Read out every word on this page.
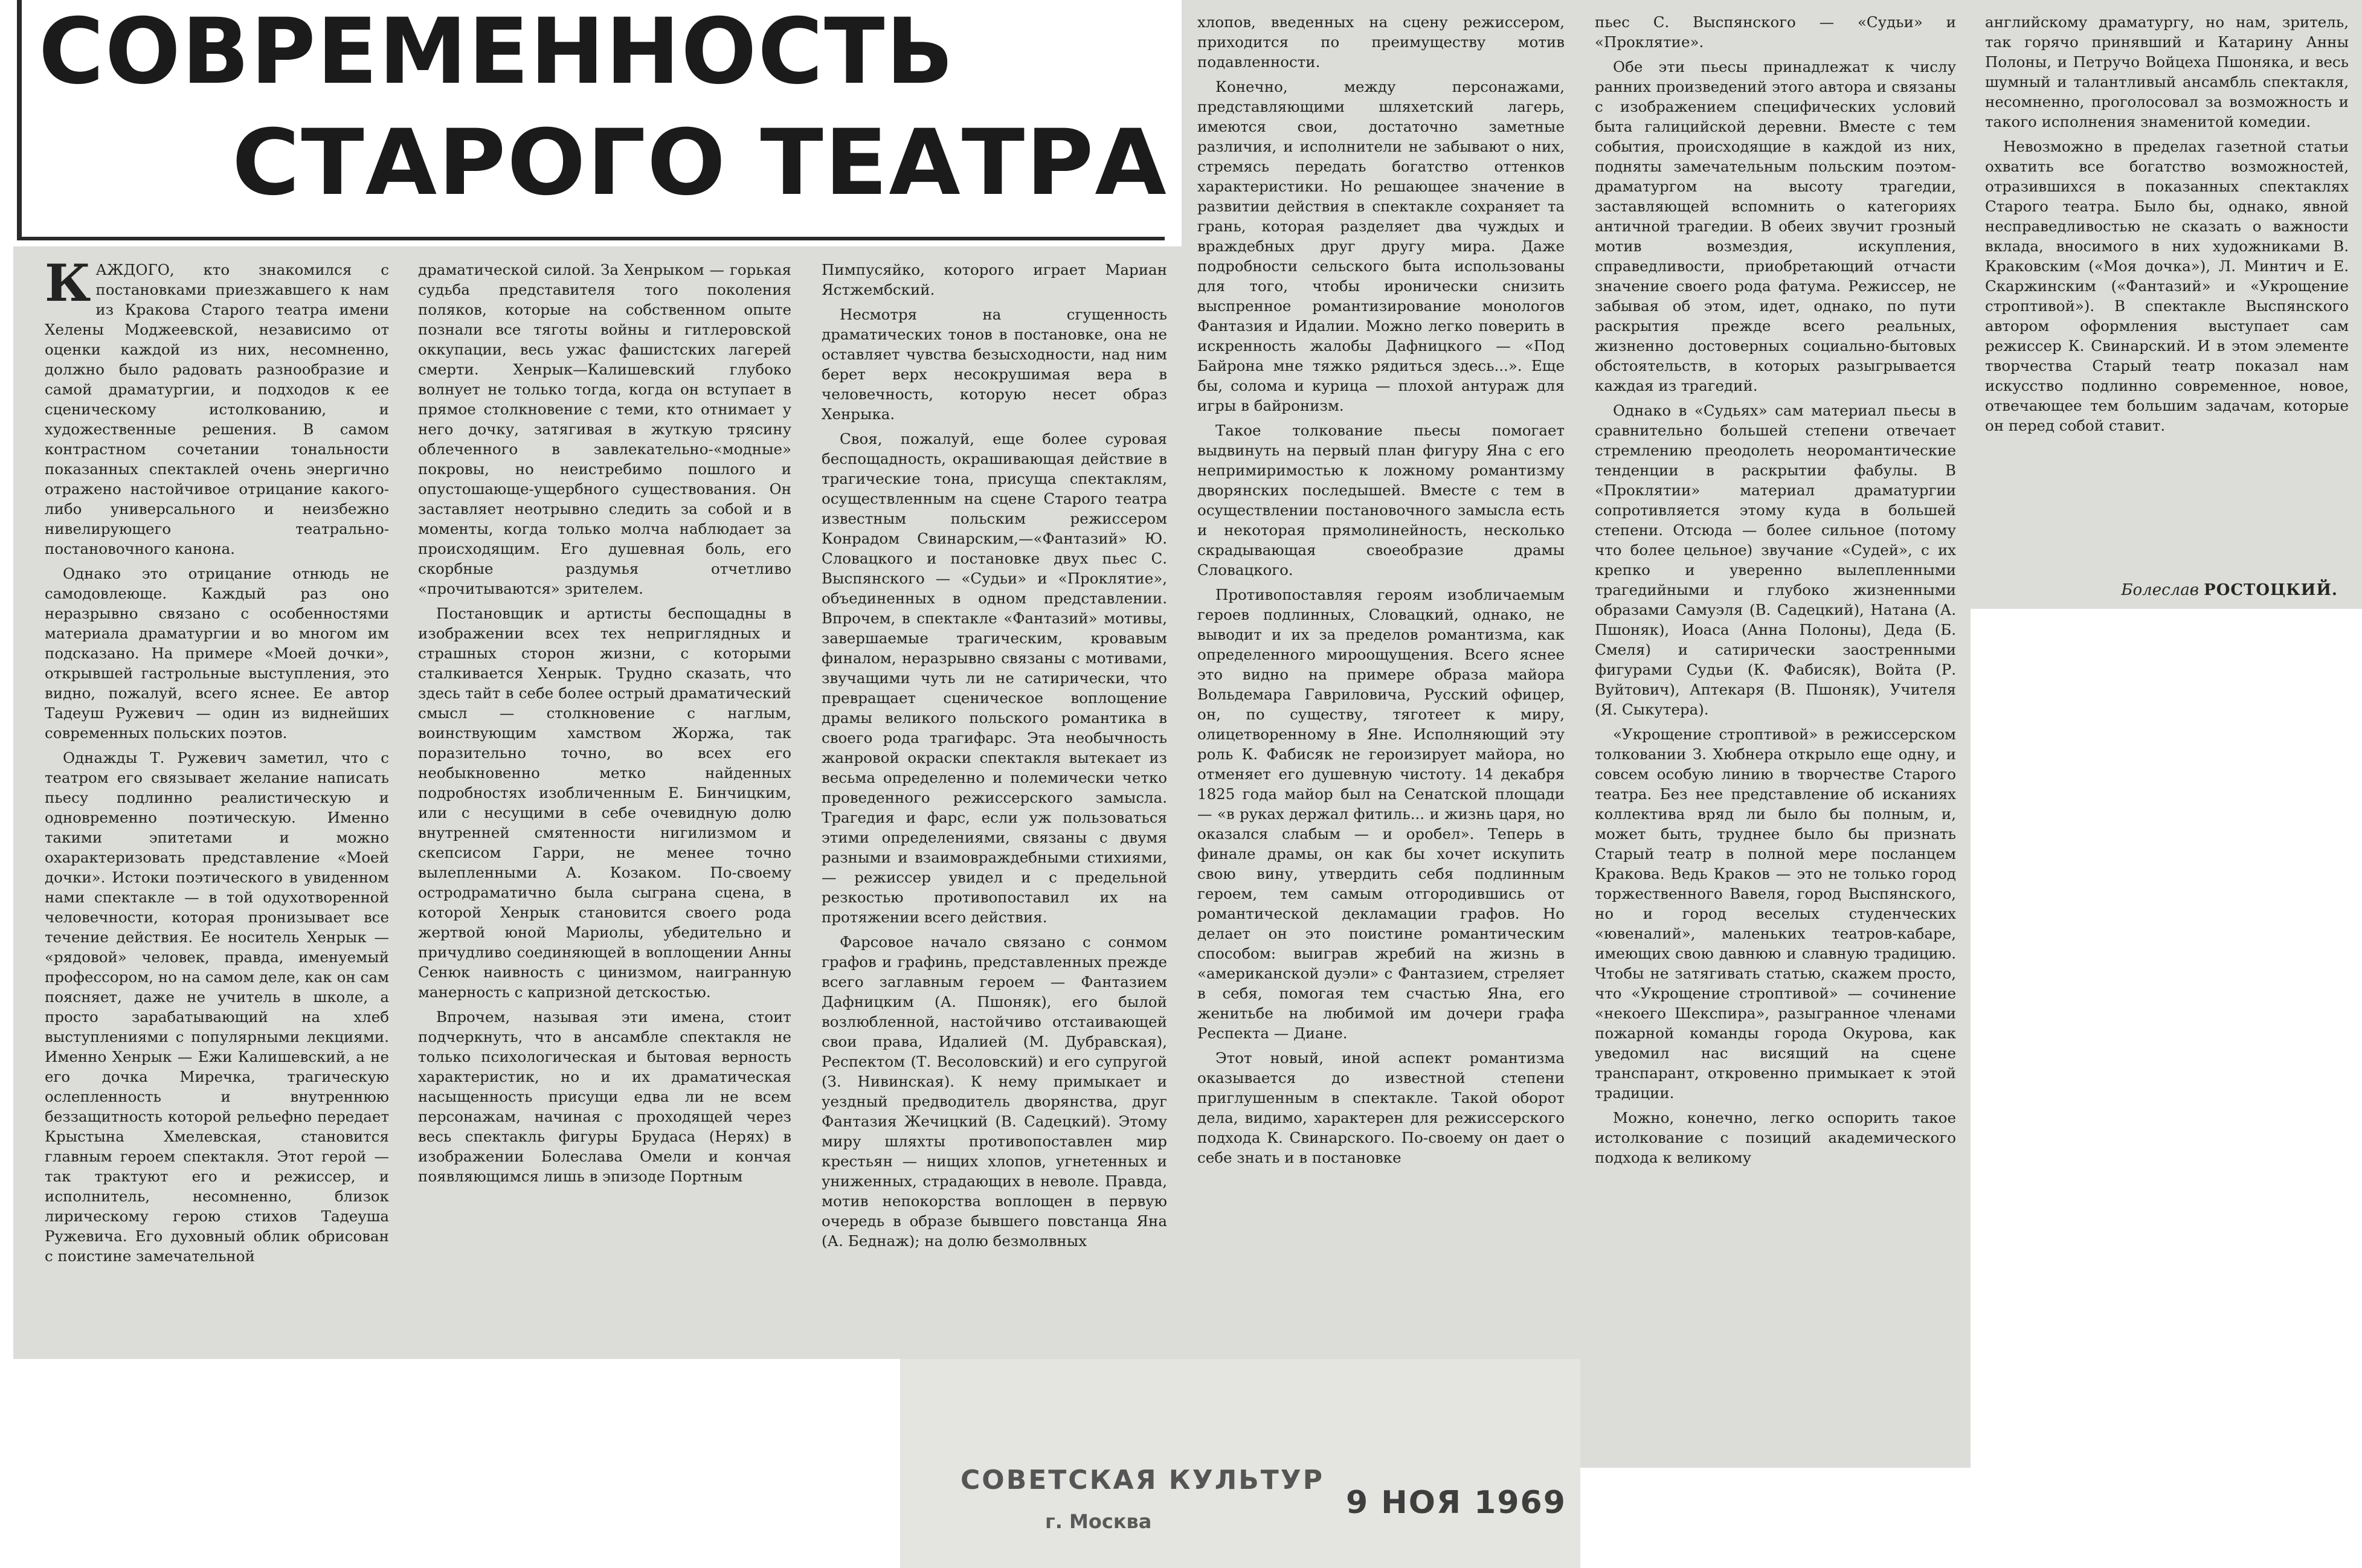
СОВРЕМЕННОСТЬ
СТАРОГО ТЕАТРА

КАЖДОГО, кто знакомился с постановками приезжавшего к нам из Кракова Старого театра имени Хелены Моджеевской, независимо от оценки каждой из них, несомненно, должно было радовать разнообразие и самой драматургии, и подходов к ее сценическому истолкованию, и художественные решения. В самом контрастном сочетании тональности показанных спектаклей очень энергично отражено настойчивое отрицание какого-либо универсального и неизбежно нивелирующего театрально-постановочного канона.

Однако это отрицание отнюдь не самодовлеюще. Каждый раз оно неразрывно связано с особенностями материала драматургии и во многом им подсказано. На примере «Моей дочки», открывшей гастрольные выступления, это видно, пожалуй, всего яснее. Ее автор Тадеуш Ружевич — один из виднейших современных польских поэтов.

Однажды Т. Ружевич заметил, что с театром его связывает желание написать пьесу подлинно реалистическую и одновременно поэтическую. Именно такими эпитетами и можно охарактеризовать представление «Моей дочки». Истоки поэтического в увиденном нами спектакле — в той одухотворенной человечности, которая пронизывает все течение действия. Ее носитель Хенрык — «рядовой» человек, правда, именуемый профессором, но на самом деле, как он сам поясняет, даже не учитель в школе, а просто зарабатывающий на хлеб выступлениями с популярными лекциями. Именно Хенрык — Ежи Калишевский, а не его дочка Миречка, трагическую ослепленность и внутреннюю беззащитность которой рельефно передает Крыстына Хмелевская, становится главным героем спектакля. Этот герой — так трактуют его и режиссер, и исполнитель, несомненно, близок лирическому герою стихов Тадеуша Ружевича. Его духовный облик обрисован с поистине замечательной

драматической силой. За Хенрыком — горькая судьба представителя того поколения поляков, которые на собственном опыте познали все тяготы войны и гитлеровской оккупации, весь ужас фашистских лагерей смерти. Хенрык—Калишевский глубоко волнует не только тогда, когда он вступает в прямое столкновение с теми, кто отнимает у него дочку, затягивая в жуткую трясину облеченного в завлекательно-«модные» покровы, но неистребимо пошлого и опустошающе-ущербного существования. Он заставляет неотрывно следить за собой и в моменты, когда только молча наблюдает за происходящим. Его душевная боль, его скорбные раздумья отчетливо «прочитываются» зрителем.

Постановщик и артисты беспощадны в изображении всех тех неприглядных и страшных сторон жизни, с которыми сталкивается Хенрык. Трудно сказать, что здесь тайт в себе более острый драматический смысл — столкновение с наглым, воинствующим хамством Жоржа, так поразительно точно, во всех его необыкновенно метко найденных подробностях изобличенным Е. Бинчицким, или с несущими в себе очевидную долю внутренней смятенности нигилизмом и скепсисом Гарри, не менее точно вылепленными А. Козаком. По-своему остродраматично была сыграна сцена, в которой Хенрык становится своего рода жертвой юной Мариолы, убедительно и причудливо соединяющей в воплощении Анны Сенюк наивность с цинизмом, наигранную манерность с капризной детскостью.

Впрочем, называя эти имена, стоит подчеркнуть, что в ансамбле спектакля не только психологическая и бытовая верность характеристик, но и их драматическая насыщенность присущи едва ли не всем персонажам, начиная с проходящей через весь спектакль фигуры Брудаса (Нерях) в изображении Болеслава Омели и кончая появляющимся лишь в эпизоде Портным

Пимпусяйко, которого играет Мариан Ястжембский.

Несмотря на сгущенность драматических тонов в постановке, она не оставляет чувства безысходности, над ним берет верх несокрушимая вера в человечность, которую несет образ Хенрыка.

Своя, пожалуй, еще более суровая беспощадность, окрашивающая действие в трагические тона, присуща спектаклям, осуществленным на сцене Старого театра известным польским режиссером Конрадом Свинарским,—«Фантазий» Ю. Словацкого и постановке двух пьес С. Выспянского — «Судьи» и «Проклятие», объединенных в одном представлении. Впрочем, в спектакле «Фантазий» мотивы, завершаемые трагическим, кровавым финалом, неразрывно связаны с мотивами, звучащими чуть ли не сатирически, что превращает сценическое воплощение драмы великого польского романтика в своего рода трагифарс. Эта необычность жанровой окраски спектакля вытекает из весьма определенно и полемически четко проведенного режиссерского замысла. Трагедия и фарс, если уж пользоваться этими определениями, связаны с двумя разными и взаимовраждебными стихиями, — режиссер увидел и с предельной резкостью противопоставил их на протяжении всего действия.

Фарсовое начало связано с сонмом графов и графинь, представленных прежде всего заглавным героем — Фантазием Дафницким (А. Пшоняк), его былой возлюбленной, настойчиво отстаивающей свои права, Идалией (М. Дубравская), Респектом (Т. Весоловский) и его супругой (З. Нивинская). К нему примыкает и уездный предводитель дворянства, друг Фантазия Жечицкий (В. Садецкий). Этому миру шляхты противопоставлен мир крестьян — нищих хлопов, угнетенных и униженных, страдающих в неволе. Правда, мотив непокорства воплощен в первую очередь в образе бывшего повстанца Яна (А. Беднаж); на долю безмолвных

хлопов, введенных на сцену режиссером, приходится по преимуществу мотив подавленности.

Конечно, между персонажами, представляющими шляхетский лагерь, имеются свои, достаточно заметные различия, и исполнители не забывают о них, стремясь передать богатство оттенков характеристики. Но решающее значение в развитии действия в спектакле сохраняет та грань, которая разделяет два чуждых и враждебных друг другу мира. Даже подробности сельского быта использованы для того, чтобы иронически снизить выспренное романтизирование монологов Фантазия и Идалии. Можно легко поверить в искренность жалобы Дафницкого — «Под Байрона мне тяжко рядиться здесь...». Еще бы, солома и курица — плохой антураж для игры в байронизм.

Такое толкование пьесы помогает выдвинуть на первый план фигуру Яна с его непримиримостью к ложному романтизму дворянских последышей. Вместе с тем в осуществлении постановочного замысла есть и некоторая прямолинейность, несколько скрадывающая своеобразие драмы Словацкого.

Противопоставляя героям изобличаемым героев подлинных, Словацкий, однако, не выводит и их за пределов романтизма, как определенного мироощущения. Всего яснее это видно на примере образа майора Вольдемара Гавриловича, Русский офицер, он, по существу, тяготеет к миру, олицетворенному в Яне. Исполняющий эту роль К. Фабисяк не героизирует майора, но отменяет его душевную чистоту. 14 декабря 1825 года майор был на Сенатской площади — «в руках держал фитиль... и жизнь царя, но оказался слабым — и оробел». Теперь в финале драмы, он как бы хочет искупить свою вину, утвердить себя подлинным героем, тем самым отгородившись от романтической декламации графов. Но делает он это поистине романтическим способом: выиграв жребий на жизнь в «американской дуэли» с Фантазием, стреляет в себя, помогая тем счастью Яна, его женитьбе на любимой им дочери графа Респекта — Диане.

Этот новый, иной аспект романтизма оказывается до известной степени приглушенным в спектакле. Такой оборот дела, видимо, характерен для режиссерского подхода К. Свинарского. По-своему он дает о себе знать и в постановке

пьес С. Выспянского — «Судьи» и «Проклятие».

Обе эти пьесы принадлежат к числу ранних произведений этого автора и связаны с изображением специфических условий быта галицийской деревни. Вместе с тем события, происходящие в каждой из них, подняты замечательным польским поэтом-драматургом на высоту трагедии, заставляющей вспомнить о категориях античной трагедии. В обеих звучит грозный мотив возмездия, искупления, справедливости, приобретающий отчасти значение своего рода фатума. Режиссер, не забывая об этом, идет, однако, по пути раскрытия прежде всего реальных, жизненно достоверных социально-бытовых обстоятельств, в которых разыгрывается каждая из трагедий.

Однако в «Судьях» сам материал пьесы в сравнительно большей степени отвечает стремлению преодолеть неоромантические тенденции в раскрытии фабулы. В «Проклятии» материал драматургии сопротивляется этому куда в большей степени. Отсюда — более сильное (потому что более цельное) звучание «Судей», с их крепко и уверенно вылепленными трагедийными и глубоко жизненными образами Самуэля (В. Садецкий), Натана (А. Пшоняк), Иоаса (Анна Полоны), Деда (Б. Смеля) и сатирически заостренными фигурами Судьи (К. Фабисяк), Войта (Р. Вуйтович), Аптекаря (В. Пшоняк), Учителя (Я. Сыкутера).

«Укрощение строптивой» в режиссерском толковании З. Хюбнера открыло еще одну, и совсем особую линию в творчестве Старого театра. Без нее представление об исканиях коллектива вряд ли было бы полным, и, может быть, труднее было бы признать Старый театр в полной мере посланцем Кракова. Ведь Краков — это не только город торжественного Вавеля, город Выспянского, но и город веселых студенческих «ювеналий», маленьких театров-кабаре, имеющих свою давнюю и славную традицию. Чтобы не затягивать статью, скажем просто, что «Укрощение строптивой» — сочинение «некоего Шекспира», разыгранное членами пожарной команды города Окурова, как уведомил нас висящий на сцене транспарант, откровенно примыкает к этой традиции.

Можно, конечно, легко оспорить такое истолкование с позиций академического подхода к великому

английскому драматургу, но нам, зритель, так горячо принявший и Катарину Анны Полоны, и Петручо Войцеха Пшоняка, и весь шумный и талантливый ансамбль спектакля, несомненно, проголосовал за возможность и такого исполнения знаменитой комедии.

Невозможно в пределах газетной статьи охватить все богатство возможностей, отразившихся в показанных спектаклях Старого театра. Было бы, однако, явной несправедливостью не сказать о важности вклада, вносимого в них художниками В. Краковским («Моя дочка»), Л. Минтич и Е. Скаржинским («Фантазий» и «Укрощение строптивой»). В спектакле Выспянского автором оформления выступает сам режиссер К. Свинарский. И в этом элементе творчества Старый театр показал нам искусство подлинно современное, новое, отвечающее тем большим задачам, которые он перед собой ставит.

Болеслав РОСТОЦКИЙ.
СОВЕТСКАЯ КУЛЬТУР
г. Москва
9 НОЯ 1969
